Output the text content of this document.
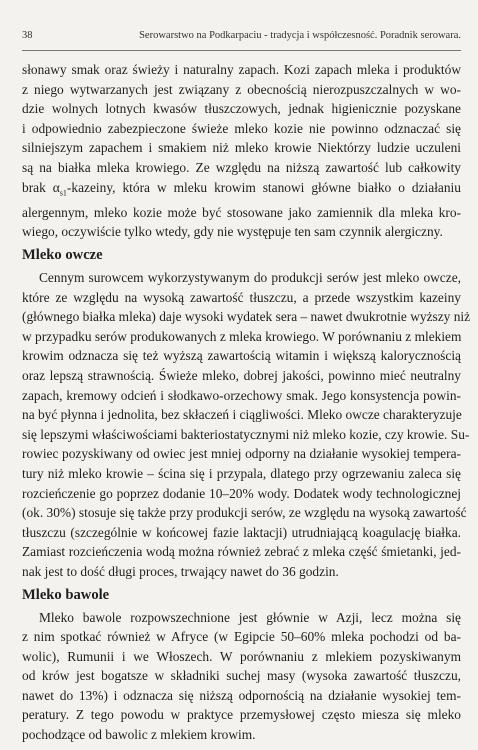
38	Serowarstwo na Podkarpaciu - tradycja i współczesność. Poradnik serowara.
słonawy smak oraz świeży i naturalny zapach. Kozi zapach mleka i produktów
z niego wytwarzanych jest związany z obecnością nierozpuszczalnych w wo-
dzie wolnych lotnych kwasów tłuszczowych, jednak higienicznie pozyskane
i odpowiednio zabezpieczone świeże mleko kozie nie powinno odznaczać się
silniejszym zapachem i smakiem niż mleko krowie Niektórzy ludzie uczuleni
są na białka mleka krowiego. Ze względu na niższą zawartość lub całkowity
brak $\alpha_{s1}$-kazeiny, która w mleku krowim stanowi główne białko o działaniu
alergennym, mleko kozie może być stosowane jako zamiennik dla mleka kro-
wiego, oczywiście tylko wtedy, gdy nie występuje ten sam czynnik alergiczny.
Mleko owcze
Cennym surowcem wykorzystywanym do produkcji serów jest mleko owcze,
które ze względu na wysoką zawartość tłuszczu, a przede wszystkim kazeiny
(głównego białka mleka) daje wysoki wydatek sera – nawet dwukrotnie wyższy niż
w przypadku serów produkowanych z mleka krowiego. W porównaniu z mlekiem
krowim odznacza się też wyższą zawartością witamin i większą kalorycznością
oraz lepszą strawnością. Świeże mleko, dobrej jakości, powinno mieć neutralny
zapach, kremowy odcień i słodkawo-orzechowy smak. Jego konsystencja powin-
na być płynna i jednolita, bez skłaczeń i ciągliwości. Mleko owcze charakteryzuje
się lepszymi właściwościami bakteriostatycznymi niż mleko kozie, czy krowie. Su-
rowiec pozyskiwany od owiec jest mniej odporny na działanie wysokiej tempera-
tury niż mleko krowie – ścina się i przypala, dlatego przy ogrzewaniu zaleca się
rozcieńczenie go poprzez dodanie 10–20% wody. Dodatek wody technologicznej
(ok. 30%) stosuje się także przy produkcji serów, ze względu na wysoką zawartość
tłuszczu (szczególnie w końcowej fazie laktacji) utrudniającą koagulację białka.
Zamiast rozcieńczenia wodą można również zebrać z mleka część śmietanki, jed-
nak jest to dość długi proces, trwający nawet do 36 godzin.
Mleko bawole
Mleko bawole rozpowszechnione jest głównie w Azji, lecz można się
z nim spotkać również w Afryce (w Egipcie 50–60% mleka pochodzi od ba-
wolic), Rumunii i we Włoszech. W porównaniu z mlekiem pozyskiwanym
od krów jest bogatsze w składniki suchej masy (wysoka zawartość tłuszczu,
nawet do 13%) i odznacza się niższą odpornością na działanie wysokiej tem-
peratury. Z tego powodu w praktyce przemysłowej często miesza się mleko
pochodzące od bawolic z mlekiem krowim.
